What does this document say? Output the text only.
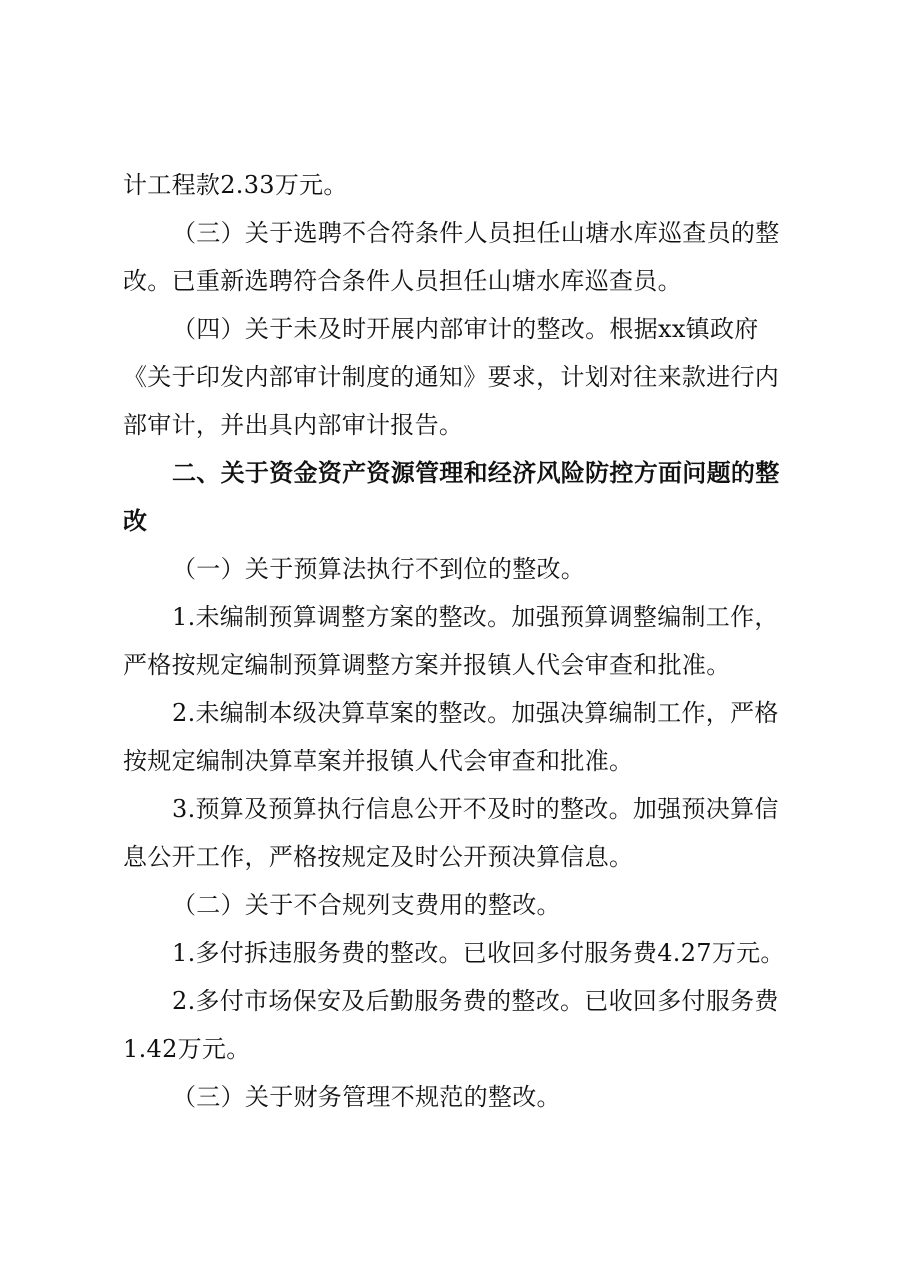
计工程款2.33万元。
（三）关于选聘不合符条件人员担任山塘水库巡查员的整
改。已重新选聘符合条件人员担任山塘水库巡查员。
（四）关于未及时开展内部审计的整改。根据xx镇政府
《关于印发内部审计制度的通知》要求，计划对往来款进行内
部审计，并出具内部审计报告。
二、关于资金资产资源管理和经济风险防控方面问题的整
改
（一）关于预算法执行不到位的整改。
1.未编制预算调整方案的整改。加强预算调整编制工作，
严格按规定编制预算调整方案并报镇人代会审查和批准。
2.未编制本级决算草案的整改。加强决算编制工作，严格
按规定编制决算草案并报镇人代会审查和批准。
3.预算及预算执行信息公开不及时的整改。加强预决算信
息公开工作，严格按规定及时公开预决算信息。
（二）关于不合规列支费用的整改。
1.多付拆违服务费的整改。已收回多付服务费4.27万元。
2.多付市场保安及后勤服务费的整改。已收回多付服务费
1.42万元。
（三）关于财务管理不规范的整改。
